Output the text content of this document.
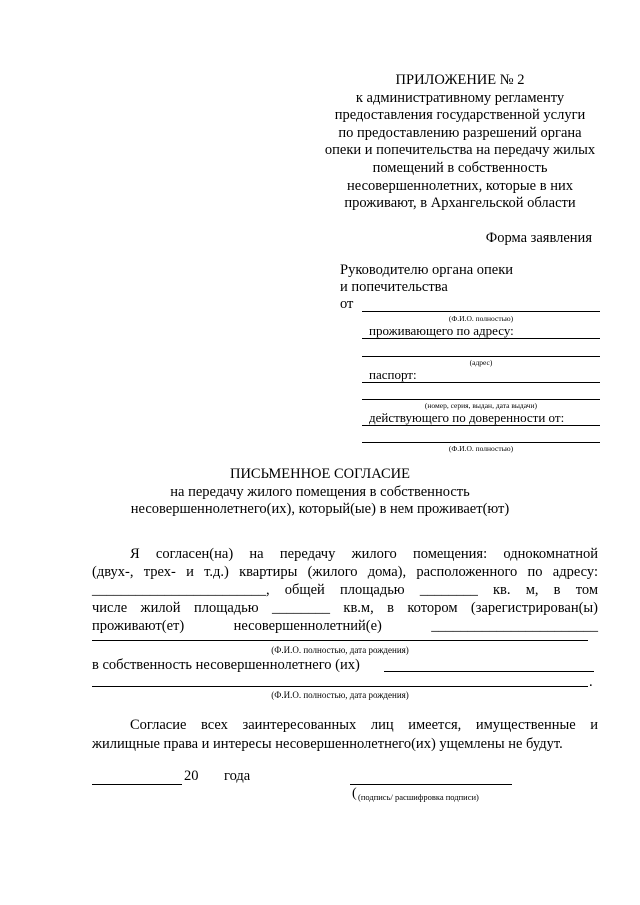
ПРИЛОЖЕНИЕ № 2
к административному регламенту
предоставления государственной услуги
по предоставлению разрешений органа
опеки и попечительства на передачу жилых
помещений в собственность
несовершеннолетних, которые в них
проживают, в Архангельской области
Форма заявления
Руководителю органа опеки
и попечительства
от
(Ф.И.О. полностью)
проживающего по адресу:
(адрес)
паспорт:
(номер, серия, выдан, дата выдачи)
действующего по доверенности от:
(Ф.И.О. полностью)
ПИСЬМЕННОЕ СОГЛАСИЕ
на передачу жилого помещения в собственность
несовершеннолетнего(их), который(ые) в нем проживает(ют)
Я согласен(на) на передачу жилого помещения: однокомнатной
(двух-, трех- и т.д.) квартиры (жилого дома), расположенного по адресу:
________________________, общей площадью ________ кв. м, в том
числе жилой площадью ________ кв.м, в котором (зарегистрирован(ы)
проживают(ет) несовершеннолетний(е) _______________________
(Ф.И.О. полностью, дата рождения)
в собственность несовершеннолетнего (их)
.
(Ф.И.О. полностью, дата рождения)
Согласие всех заинтересованных лиц имеется, имущественные и жилищные права и интересы несовершеннолетнего(их) ущемлены не будут.
20 года
( (подпись/ расшифровка подписи)
